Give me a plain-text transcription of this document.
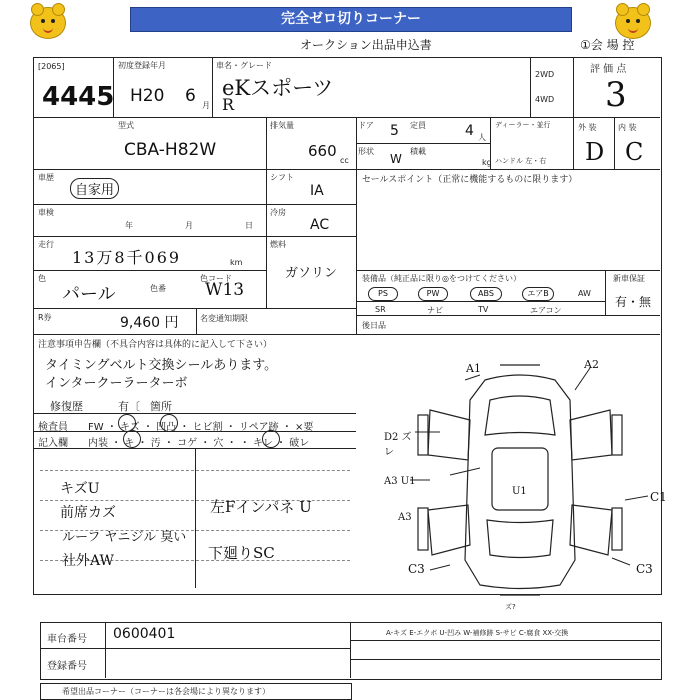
完全ゼロ切りコーナー
オークション出品申込書	①会 場 控
[2065]
4445
初度登録年月
H20 6 月
車名・グレード
eKスポーツ
R
2WD
4WD
評 価 点
3
型式
CBA-H82W
排気量
660
cc
ドア 5 定員	4 人
形状
W
積載
kg
ディーラー・並行
ハンドル 左・右
外 装	内 装
D C
車歴
自家用
シフト
IA
車検
年	月	日
冷房
AC
走行
13万8千069	km
燃料
ガソリン
色
パール	色番
色コード
W13
R券	9,460 円	名変通知期限
セールスポイント（正常に機能するものに限ります）
装備品（純正品に限り◎をつけてください）	新車保証
PS	PW	ABS	エアB	AW
有・無
SR	ナビ	TV	エアコン
後日品
注意事項申告欄（不具合内容は具体的に記入して下さい）
タイミングベルト交換シールあります。
インタークーラーターボ
修復歴	有〔 箇所
検査員 FW ・ キズ ・ 凹凸 ・ ヒビ割 ・ リペア跡 ・ ×要
記入欄 内装 ・ キ ・ 汚 ・ コゲ ・ 穴 ・ ・ キレ ・ 破レ
キズU
前席カズ
ルーフ ヤニジル 臭い
社外AW
左Fインパネ U
下廻りSC
A1	A2
D2 ズレ
A3 U1
A3
U1	C1
C3	C3
ズ?
車台番号 0600401
登録番号
A-キズ E-エクボ U-凹み W-補修跡 S-サビ C-腐食 XX-交換
希望出品コーナー（コーナーは各会場により異なります）
